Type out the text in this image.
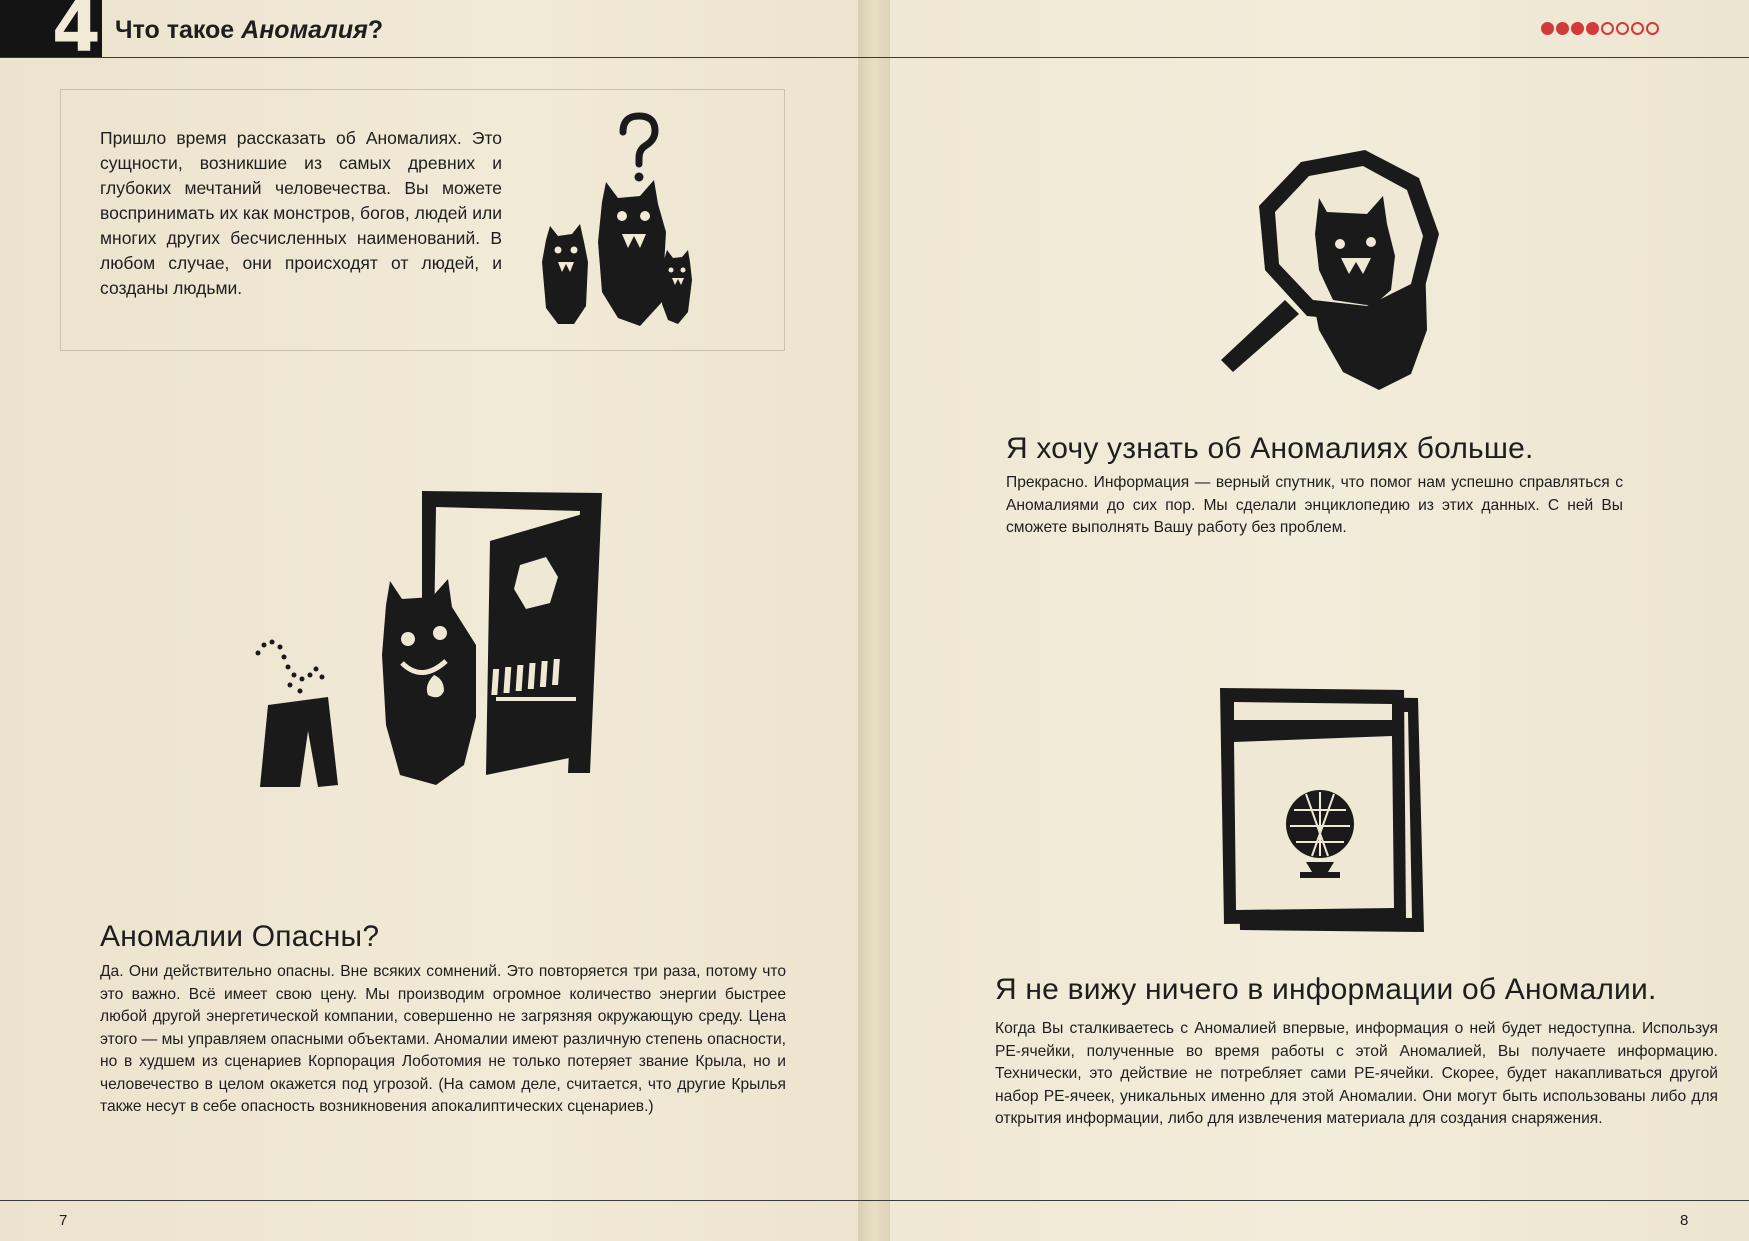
4 Что такое Аномалия?
Пришло время рассказать об Аномалиях. Это сущности, возникшие из самых древних и глубоких мечтаний человечества. Вы можете воспринимать их как монстров, богов, людей или многих других бесчисленных наименований. В любом случае, они происходят от людей, и созданы людьми.
Аномалии Опасны?
Да. Они действительно опасны. Вне всяких сомнений. Это повторяется три раза, потому что это важно. Всё имеет свою цену. Мы производим огромное количество энергии быстрее любой другой энергетической компании, совершенно не загрязняя окружающую среду. Цена этого — мы управляем опасными объектами. Аномалии имеют различную степень опасности, но в худшем из сценариев Корпорация Лоботомия не только потеряет звание Крыла, но и человечество в целом окажется под угрозой. (На самом деле, считается, что другие Крылья также несут в себе опасность возникновения апокалиптических сценариев.)
Я хочу узнать об Аномалиях больше.
Прекрасно. Информация — верный спутник, что помог нам успешно справляться с Аномалиями до сих пор. Мы сделали энциклопедию из этих данных. С ней Вы сможете выполнять Вашу работу без проблем.
Я не вижу ничего в информации об Аномалии.
Когда Вы сталкиваетесь с Аномалией впервые, информация о ней будет недоступна. Используя PE-ячейки, полученные во время работы с этой Аномалией, Вы получаете информацию. Технически, это действие не потребляет сами PE-ячейки. Скорее, будет накапливаться другой набор PE-ячеек, уникальных именно для этой Аномалии. Они могут быть использованы либо для открытия информации, либо для извлечения материала для создания снаряжения.
7	8
